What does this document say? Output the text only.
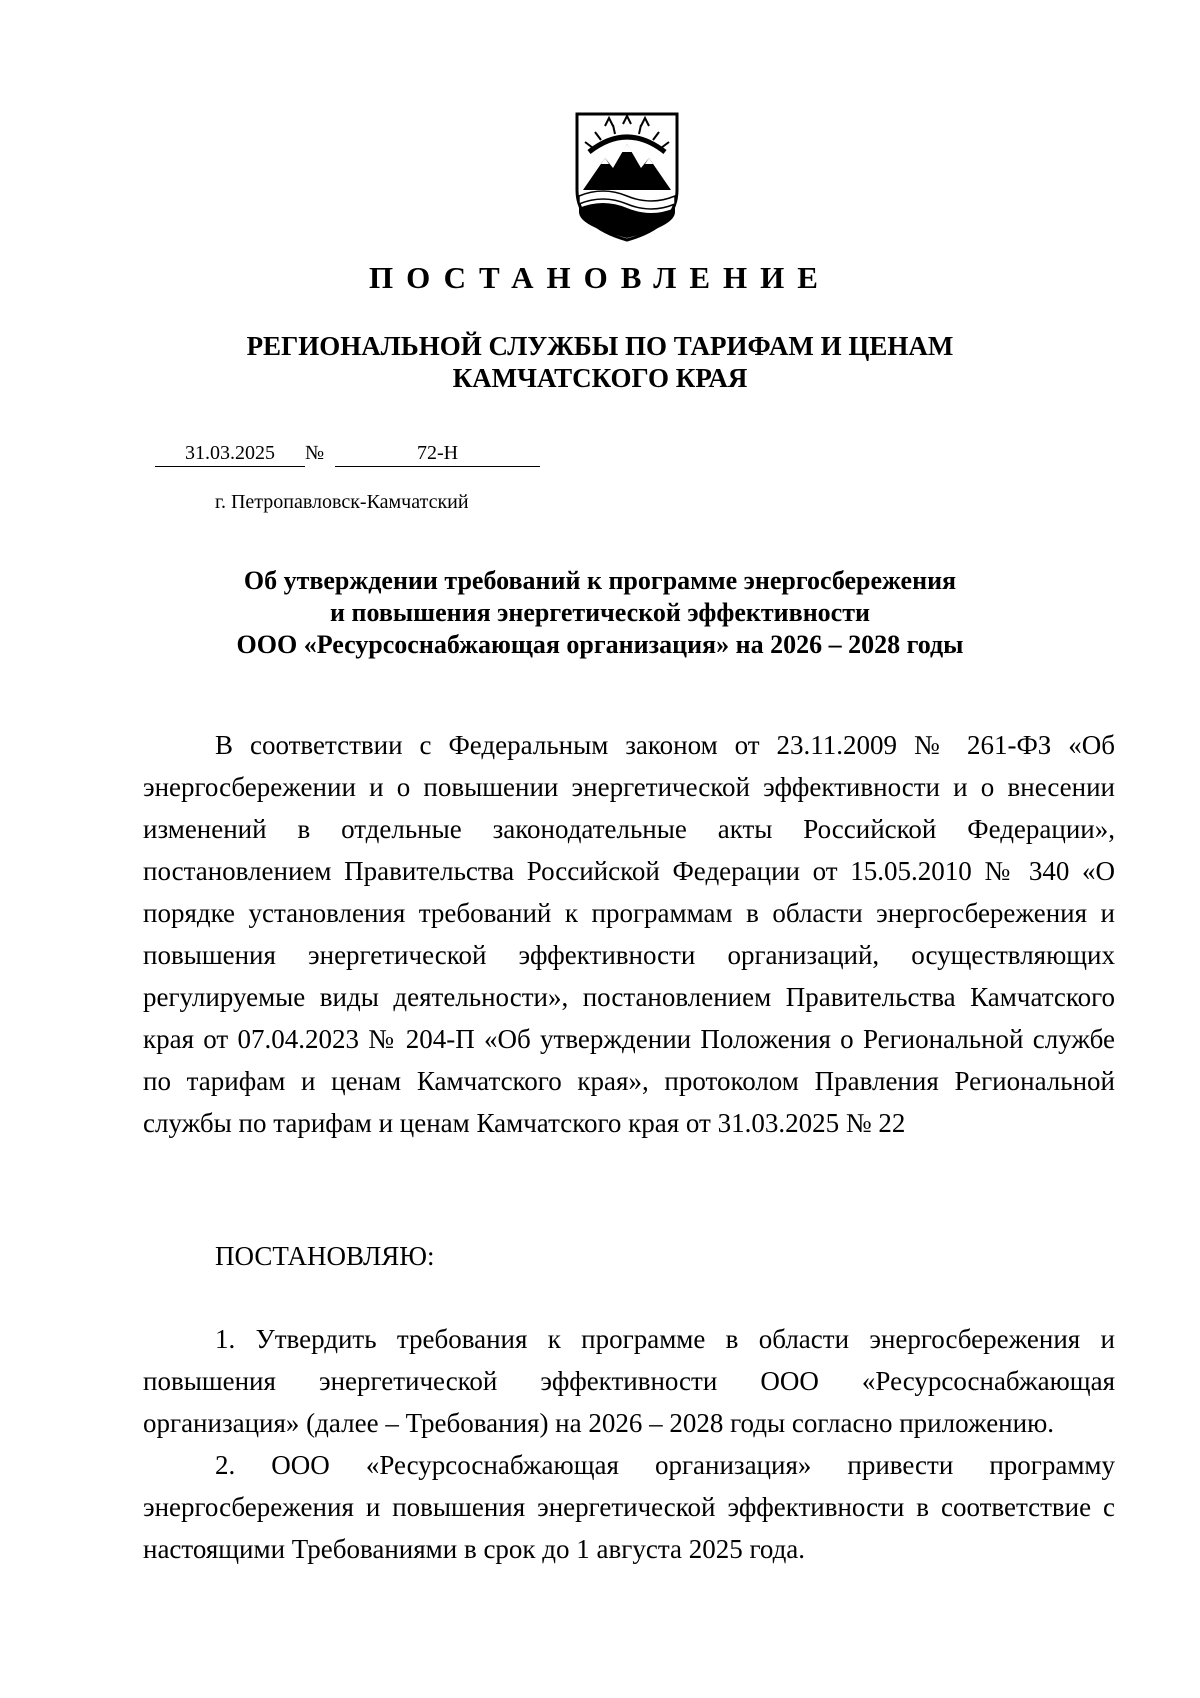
ПОСТАНОВЛЕНИЕ
РЕГИОНАЛЬНОЙ СЛУЖБЫ ПО ТАРИФАМ И ЦЕНАМ
КАМЧАТСКОГО КРАЯ
31.03.2025	№	72-Н
г. Петропавловск-Камчатский
Об утверждении требований к программе энергосбережения
и повышения энергетической эффективности
ООО «Ресурсоснабжающая организация» на 2026 – 2028 годы
В соответствии с Федеральным законом от 23.11.2009 № 261-ФЗ «Об энергосбережении и о повышении энергетической эффективности и о внесении изменений в отдельные законодательные акты Российской Федерации», постановлением Правительства Российской Федерации от 15.05.2010 № 340 «О порядке установления требований к программам в области энергосбережения и повышения энергетической эффективности организаций, осуществляющих регулируемые виды деятельности», постановлением Правительства Камчатского края от 07.04.2023 № 204-П «Об утверждении Положения о Региональной службе по тарифам и ценам Камчатского края», протоколом Правления Региональной службы по тарифам и ценам Камчатского края от 31.03.2025 № 22
ПОСТАНОВЛЯЮ:
1. Утвердить требования к программе в области энергосбережения и повышения энергетической эффективности ООО «Ресурсоснабжающая организация» (далее – Требования) на 2026 – 2028 годы согласно приложению.
2. ООО «Ресурсоснабжающая организация» привести программу энергосбережения и повышения энергетической эффективности в соответствие с настоящими Требованиями в срок до 1 августа 2025 года.
